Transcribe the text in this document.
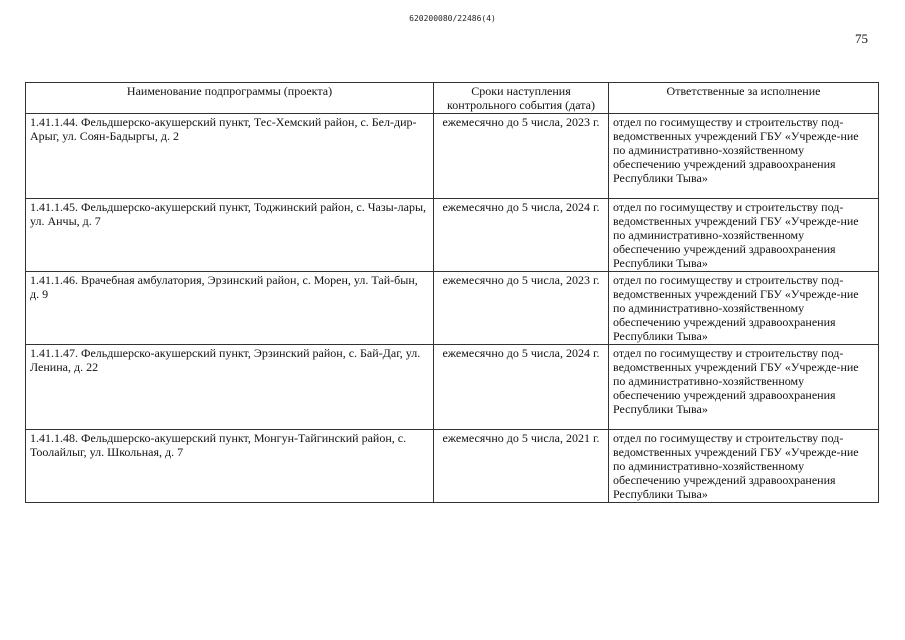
620200080/22486(4)
75
Наименование подпрограммы (проекта)	Сроки наступления контрольного события (дата)	Ответственные за исполнение
1.41.1.44. Фельдшерско-акушерский пункт, Тес-Хемский район, с. Бел-дир-Арыг, ул. Соян-Бадыргы, д. 2	ежемесячно до 5 числа, 2023 г.	отдел по госимуществу и строительству под-ведомственных учреждений ГБУ «Учрежде-ние по административно-хозяйственному обеспечению учреждений здравоохранения Республики Тыва»
1.41.1.45. Фельдшерско-акушерский пункт, Тоджинский район, с. Чазы-лары, ул. Анчы, д. 7	ежемесячно до 5 числа, 2024 г.	отдел по госимуществу и строительству под-ведомственных учреждений ГБУ «Учрежде-ние по административно-хозяйственному обеспечению учреждений здравоохранения Республики Тыва»
1.41.1.46. Врачебная амбулатория, Эрзинский район, с. Морен, ул. Тай-бын, д. 9	ежемесячно до 5 числа, 2023 г.	отдел по госимуществу и строительству под-ведомственных учреждений ГБУ «Учрежде-ние по административно-хозяйственному обеспечению учреждений здравоохранения Республики Тыва»
1.41.1.47. Фельдшерско-акушерский пункт, Эрзинский район, с. Бай-Даг, ул. Ленина, д. 22	ежемесячно до 5 числа, 2024 г.	отдел по госимуществу и строительству под-ведомственных учреждений ГБУ «Учрежде-ние по административно-хозяйственному обеспечению учреждений здравоохранения Республики Тыва»
1.41.1.48. Фельдшерско-акушерский пункт, Монгун-Тайгинский район, с. Тоолайлыг, ул. Школьная, д. 7	ежемесячно до 5 числа, 2021 г.	отдел по госимуществу и строительству под-ведомственных учреждений ГБУ «Учрежде-ние по административно-хозяйственному обеспечению учреждений здравоохранения Республики Тыва»
